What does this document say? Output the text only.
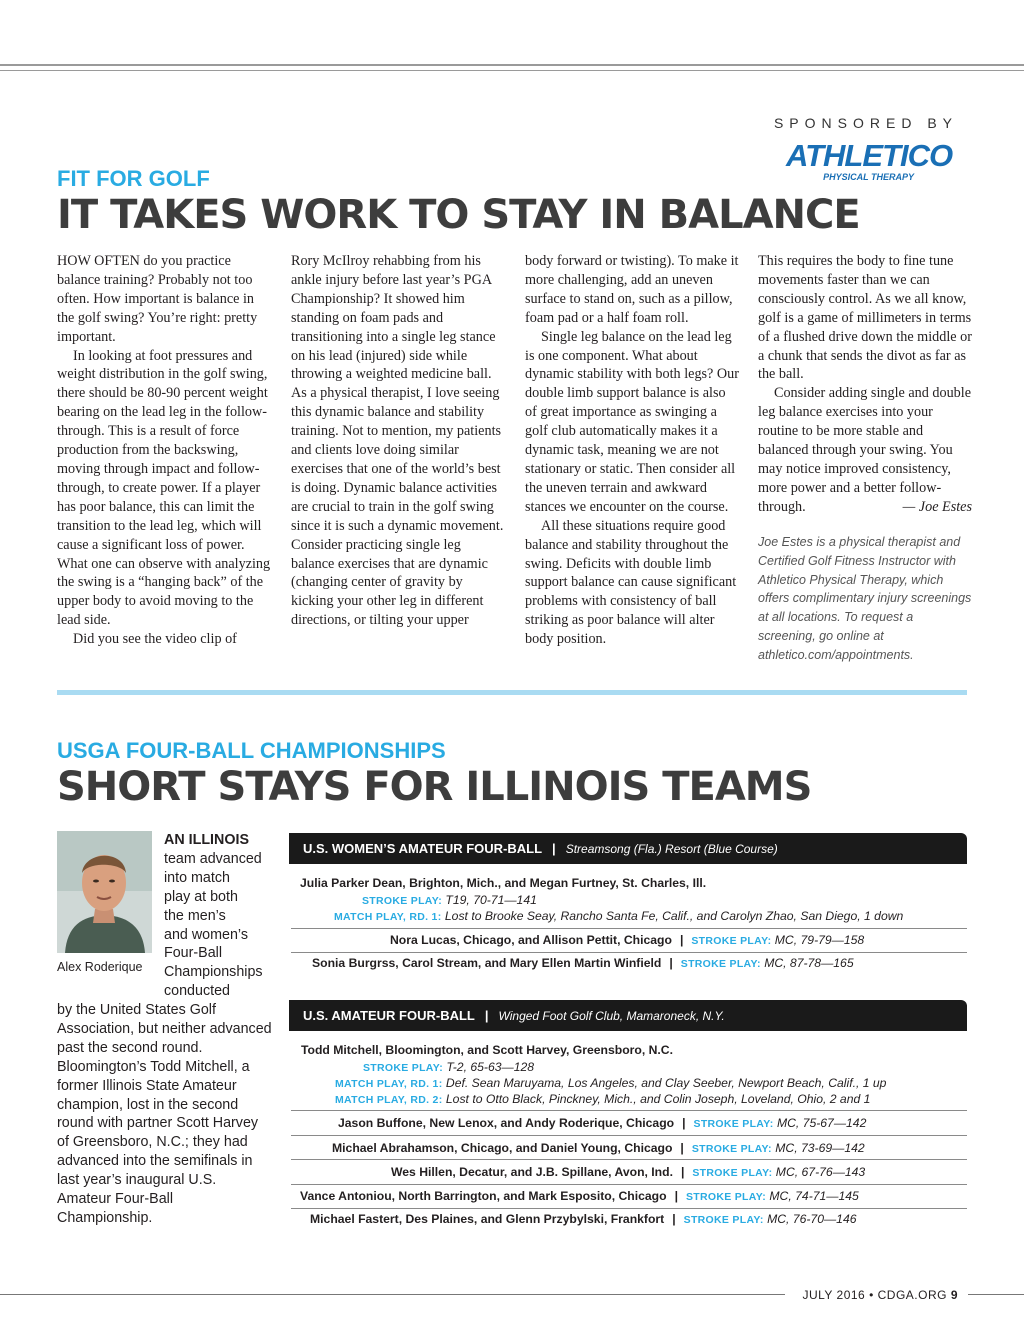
SPONSORED BY
ATHLETICO
PHYSICAL THERAPY
FIT FOR GOLF
IT TAKES WORK TO STAY IN BALANCE

HOW OFTEN do you practice balance training? Probably not too often. How important is balance in the golf swing? You’re right: pretty important.

In looking at foot pressures and weight distribution in the golf swing, there should be 80-90 percent weight bearing on the lead leg in the follow-through. This is a result of force production from the backswing, moving through impact and follow-through, to create power. If a player has poor balance, this can limit the transition to the lead leg, which will cause a significant loss of power. What one can observe with analyzing the swing is a “hanging back” of the upper body to avoid moving to the lead side.

Did you see the video clip of

Rory McIlroy rehabbing from his ankle injury before last year’s PGA Championship? It showed him standing on foam pads and transitioning into a single leg stance on his lead (injured) side while throwing a weighted medicine ball. As a physical therapist, I love seeing this dynamic balance and stability training. Not to mention, my patients and clients love doing similar exercises that one of the world’s best is doing. Dynamic balance activities are crucial to train in the golf swing since it is such a dynamic movement. Consider practicing single leg balance exercises that are dynamic (changing center of gravity by kicking your other leg in different directions, or tilting your upper

body forward or twisting). To make it more challenging, add an uneven surface to stand on, such as a pillow, foam pad or a half foam roll.

Single leg balance on the lead leg is one component. What about dynamic stability with both legs? Our double limb support balance is also of great importance as swinging a golf club automatically makes it a dynamic task, meaning we are not stationary or static. Then consider all the uneven terrain and awkward stances we encounter on the course.

All these situations require good balance and stability throughout the swing. Deficits with double limb support balance can cause significant problems with consistency of ball striking as poor balance will alter body position.

This requires the body to fine tune movements faster than we can consciously control. As we all know, golf is a game of millimeters in terms of a flushed drive down the middle or a chunk that sends the divot as far as the ball.

Consider adding single and double leg balance exercises into your routine to be more stable and balanced through your swing. You may notice improved consistency, more power and a better follow-through.	— Joe Estes

Joe Estes is a physical therapist and Certified Golf Fitness Instructor with Athletico Physical Therapy, which offers complimentary injury screenings at all locations. To request a screening, go online at athletico.com/appointments.

USGA FOUR-BALL CHAMPIONSHIPS
SHORT STAYS FOR ILLINOIS TEAMS
Alex Roderique
AN ILLINOIS
team advanced
into match
play at both
the men’s
and women’s
Four-Ball
Championships
conducted
by the United States Golf Association, but neither advanced past the second round. Bloomington’s Todd Mitchell, a former Illinois State Amateur champion, lost in the second round with partner Scott Harvey of Greensboro, N.C.; they had advanced into the semifinals in last year’s inaugural U.S. Amateur Four-Ball Championship.
U.S. WOMEN’S AMATEUR FOUR-BALL | Streamsong (Fla.) Resort (Blue Course)
Julia Parker Dean, Brighton, Mich., and Megan Furtney, St. Charles, Ill.
STROKE PLAY: T19, 70-71—141
MATCH PLAY, RD. 1: Lost to Brooke Seay, Rancho Santa Fe, Calif., and Carolyn Zhao, San Diego, 1 down
Nora Lucas, Chicago, and Allison Pettit, Chicago | STROKE PLAY: MC, 79-79—158
Sonia Burgrss, Carol Stream, and Mary Ellen Martin Winfield | STROKE PLAY: MC, 87-78—165
U.S. AMATEUR FOUR-BALL | Winged Foot Golf Club, Mamaroneck, N.Y.
Todd Mitchell, Bloomington, and Scott Harvey, Greensboro, N.C.
STROKE PLAY: T-2, 65-63—128
MATCH PLAY, RD. 1: Def. Sean Maruyama, Los Angeles, and Clay Seeber, Newport Beach, Calif., 1 up
MATCH PLAY, RD. 2: Lost to Otto Black, Pinckney, Mich., and Colin Joseph, Loveland, Ohio, 2 and 1
Jason Buffone, New Lenox, and Andy Roderique, Chicago | STROKE PLAY: MC, 75-67—142
Michael Abrahamson, Chicago, and Daniel Young, Chicago | STROKE PLAY: MC, 73-69—142
Wes Hillen, Decatur, and J.B. Spillane, Avon, Ind. | STROKE PLAY: MC, 67-76—143
Vance Antoniou, North Barrington, and Mark Esposito, Chicago | STROKE PLAY: MC, 74-71—145
Michael Fastert, Des Plaines, and Glenn Przybylski, Frankfort | STROKE PLAY: MC, 76-70—146
JULY 2016 • CDGA.ORG 9
